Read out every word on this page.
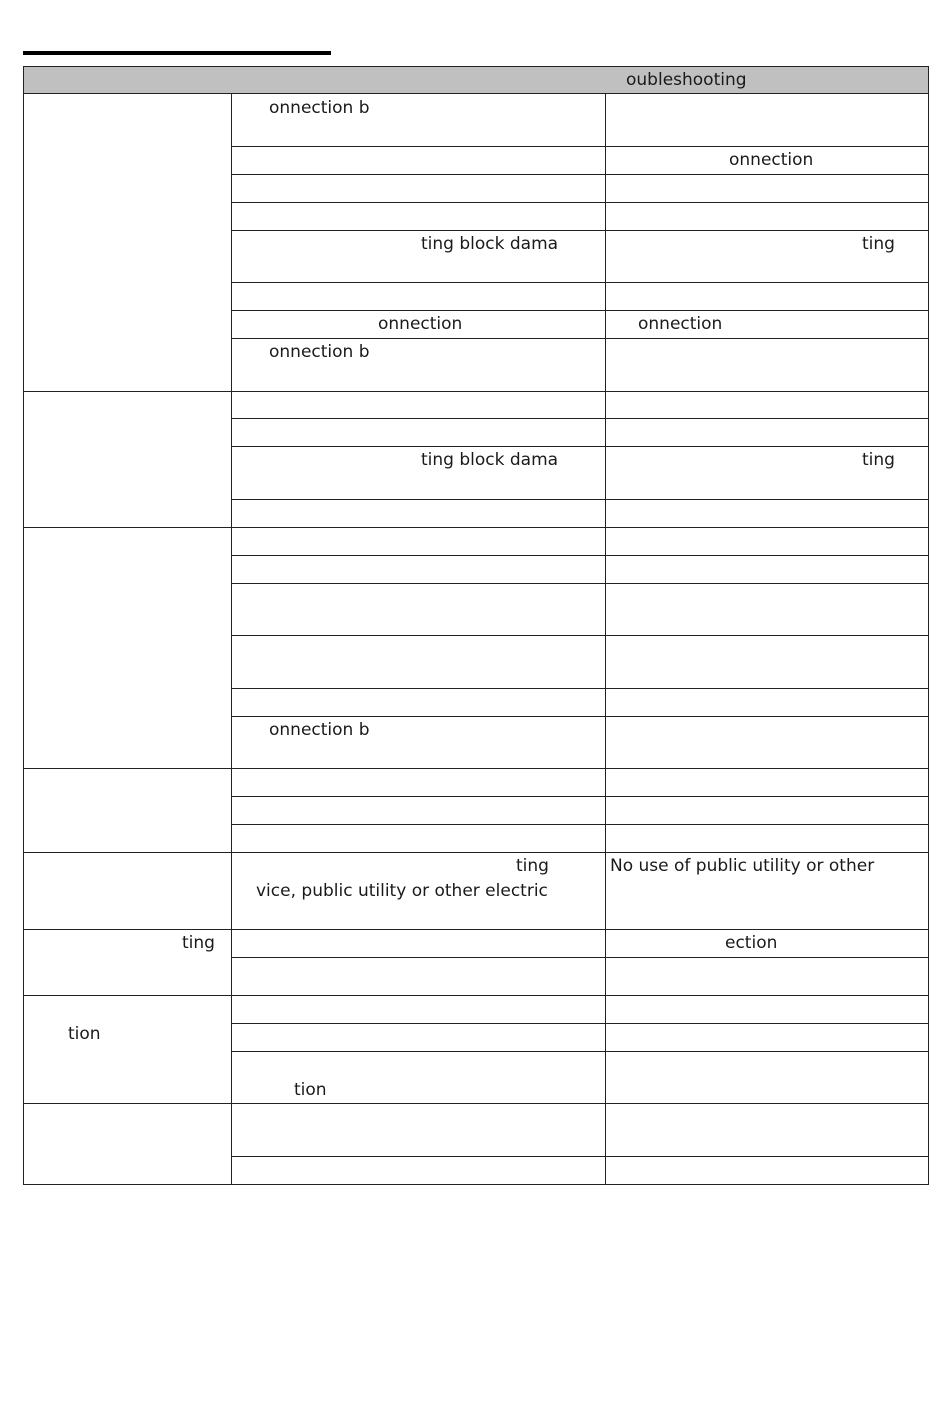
oubleshooting		

	onnection b	

		onnection

	ting block dama	ting

	onnection	onnection

	onnection b	

	ting block dama	ting

	onnection b	

	ting
vice, public utility or other electric	No use of public utility or other

ting		ection

tion		

	tion	
